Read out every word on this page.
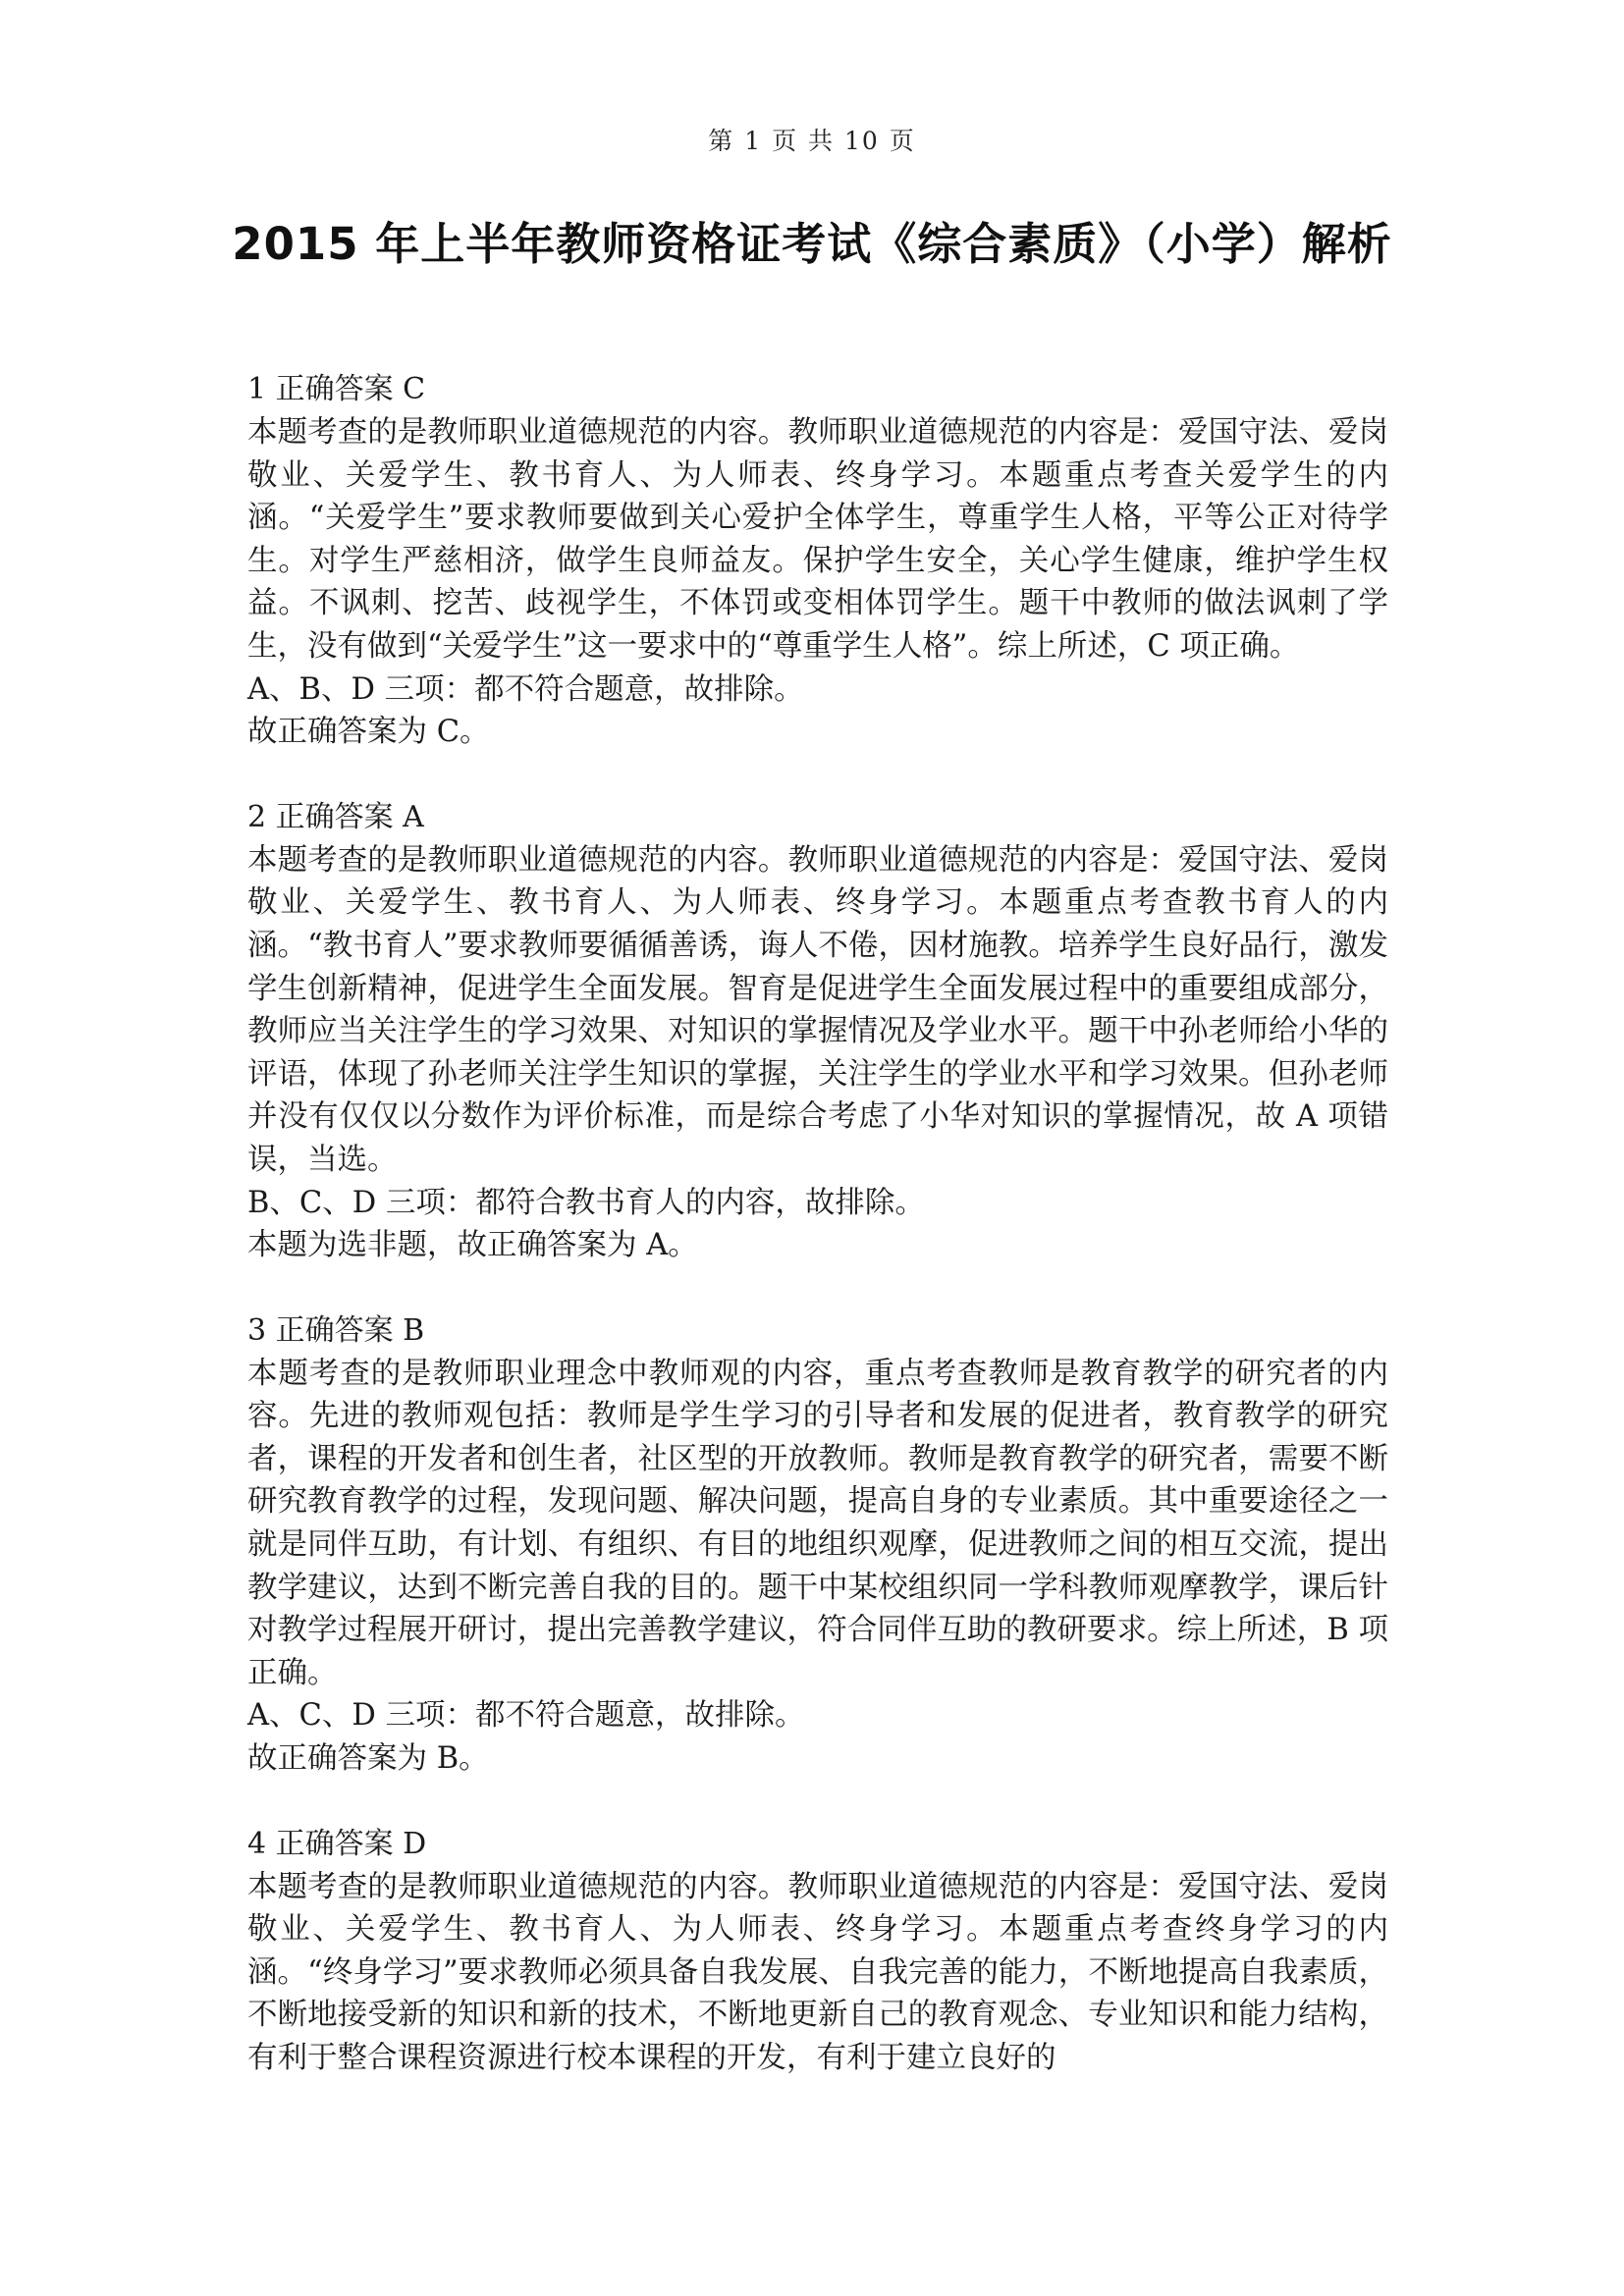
第 1 页 共 10 页
2015 年上半年教师资格证考试《综合素质》（小学）解析
1 正确答案 C

本题考查的是教师职业道德规范的内容。教师职业道德规范的内容是：爱国守法、爱岗敬业、关爱学生、教书育人、为人师表、终身学习。本题重点考查关爱学生的内涵。“关爱学生”要求教师要做到关心爱护全体学生，尊重学生人格，平等公正对待学生。对学生严慈相济，做学生良师益友。保护学生安全，关心学生健康，维护学生权益。不讽刺、挖苦、歧视学生，不体罚或变相体罚学生。题干中教师的做法讽刺了学生，没有做到“关爱学生”这一要求中的“尊重学生人格”。综上所述，C 项正确。

A、B、D 三项：都不符合题意，故排除。

故正确答案为 C。

2 正确答案 A

本题考查的是教师职业道德规范的内容。教师职业道德规范的内容是：爱国守法、爱岗敬业、关爱学生、教书育人、为人师表、终身学习。本题重点考查教书育人的内涵。“教书育人”要求教师要循循善诱，诲人不倦，因材施教。培养学生良好品行，激发学生创新精神，促进学生全面发展。智育是促进学生全面发展过程中的重要组成部分，教师应当关注学生的学习效果、对知识的掌握情况及学业水平。题干中孙老师给小华的评语，体现了孙老师关注学生知识的掌握，关注学生的学业水平和学习效果。但孙老师并没有仅仅以分数作为评价标准，而是综合考虑了小华对知识的掌握情况，故 A 项错误，当选。

B、C、D 三项：都符合教书育人的内容，故排除。

本题为选非题，故正确答案为 A。

3 正确答案 B

本题考查的是教师职业理念中教师观的内容，重点考查教师是教育教学的研究者的内容。先进的教师观包括：教师是学生学习的引导者和发展的促进者，教育教学的研究者，课程的开发者和创生者，社区型的开放教师。教师是教育教学的研究者，需要不断研究教育教学的过程，发现问题、解决问题，提高自身的专业素质。其中重要途径之一就是同伴互助，有计划、有组织、有目的地组织观摩，促进教师之间的相互交流，提出教学建议，达到不断完善自我的目的。题干中某校组织同一学科教师观摩教学，课后针对教学过程展开研讨，提出完善教学建议，符合同伴互助的教研要求。综上所述，B 项正确。

A、C、D 三项：都不符合题意，故排除。

故正确答案为 B。

4 正确答案 D

本题考查的是教师职业道德规范的内容。教师职业道德规范的内容是：爱国守法、爱岗敬业、关爱学生、教书育人、为人师表、终身学习。本题重点考查终身学习的内涵。“终身学习”要求教师必须具备自我发展、自我完善的能力，不断地提高自我素质，不断地接受新的知识和新的技术，不断地更新自己的教育观念、专业知识和能力结构，有利于整合课程资源进行校本课程的开发，有利于建立良好的
